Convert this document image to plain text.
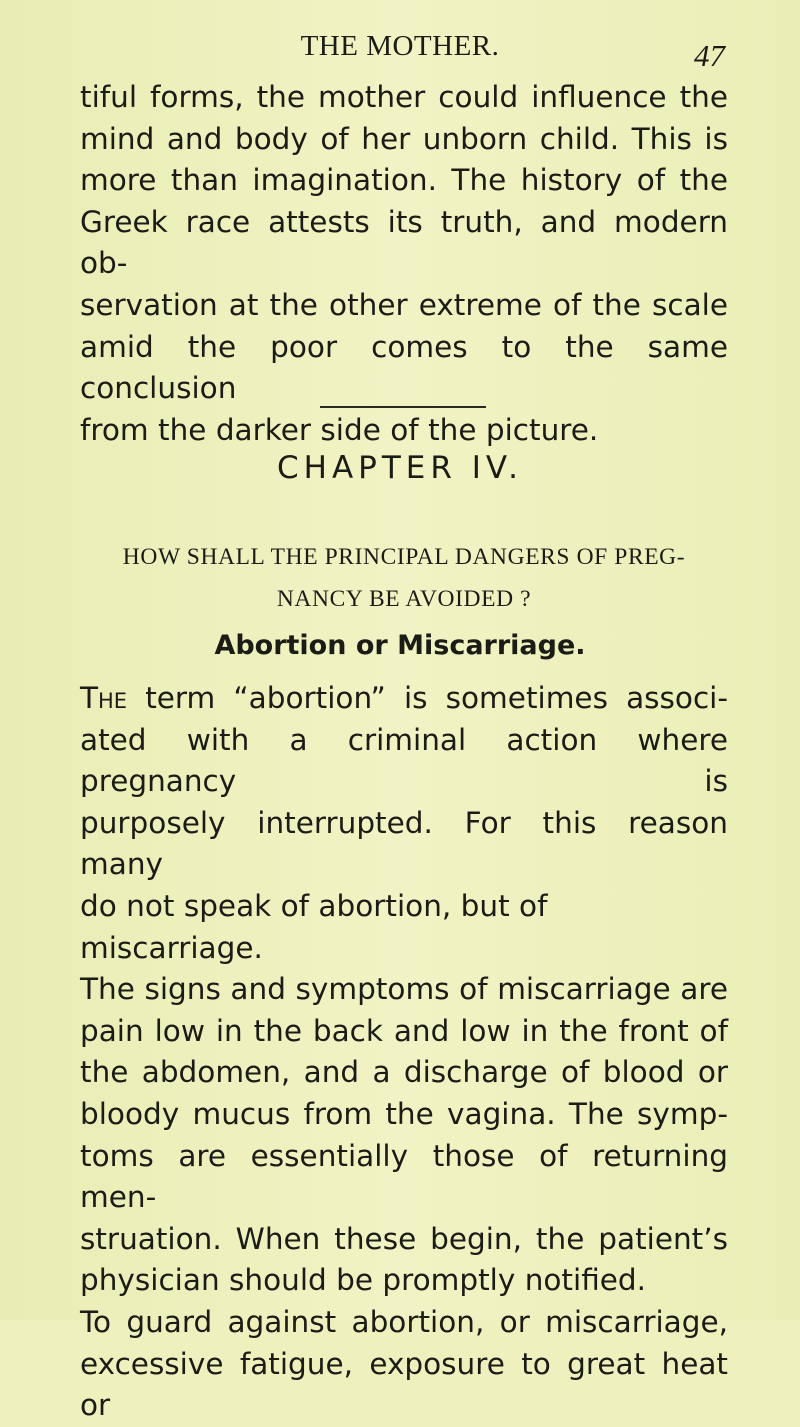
THE MOTHER.	47
tiful forms, the mother could influence the
mind and body of her unborn child. This is
more than imagination. The history of the
Greek race attests its truth, and modern ob-
servation at the other extreme of the scale
amid the poor comes to the same conclusion
from the darker side of the picture.
CHAPTER IV.
HOW SHALL THE PRINCIPAL DANGERS OF PREG-
NANCY BE AVOIDED ?
Abortion or Miscarriage.
The term “abortion” is sometimes associ-
ated with a criminal action where pregnancy is
purposely interrupted. For this reason many
do not speak of abortion, but of miscarriage.
The signs and symptoms of miscarriage are
pain low in the back and low in the front of
the abdomen, and a discharge of blood or
bloody mucus from the vagina. The symp-
toms are essentially those of returning men-
struation. When these begin, the patient’s
physician should be promptly notified.
To guard against abortion, or miscarriage,
excessive fatigue, exposure to great heat or
